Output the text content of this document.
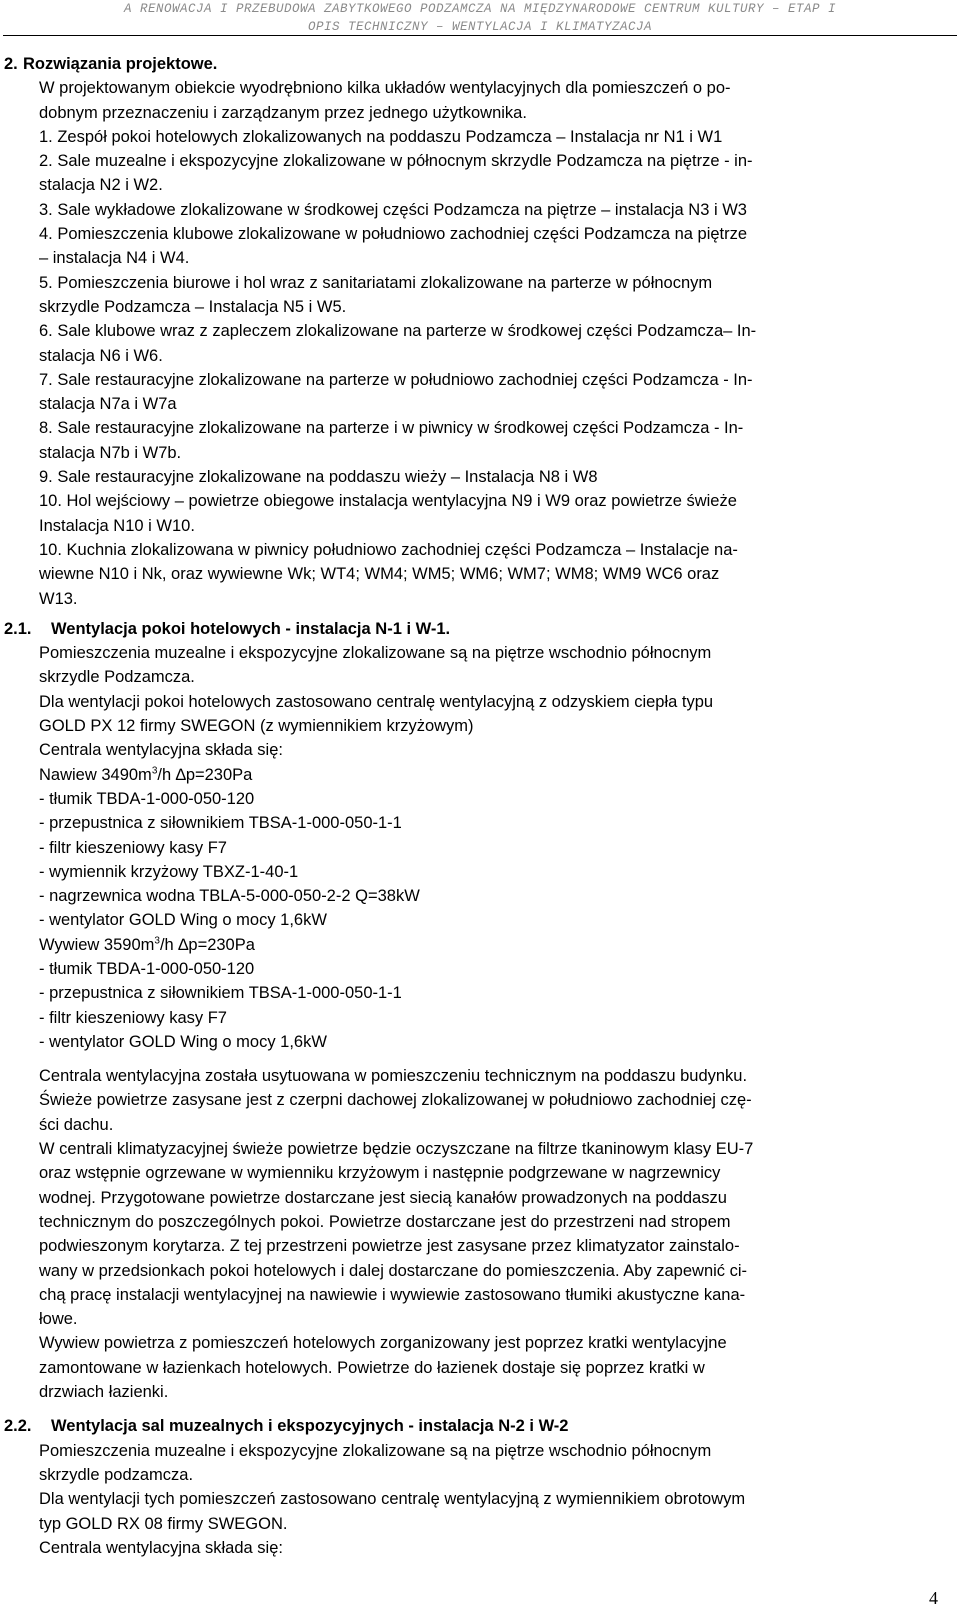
A RENOWACJA I PRZEBUDOWA ZABYTKOWEGO PODZAMCZA NA MIĘDZYNARODOWE CENTRUM KULTURY – ETAP I
OPIS TECHNICZNY – WENTYLACJA I KLIMATYZACJA
2. Rozwiązania projektowe.
W projektowanym obiekcie wyodrębniono kilka układów wentylacyjnych dla pomieszczeń o po-
dobnym przeznaczeniu i zarządzanym przez jednego użytkownika.
1. Zespół pokoi hotelowych zlokalizowanych na poddaszu Podzamcza – Instalacja nr N1 i W1
2. Sale muzealne i ekspozycyjne zlokalizowane w północnym skrzydle Podzamcza na piętrze - in-
stalacja N2 i W2.
3. Sale wykładowe zlokalizowane w środkowej części Podzamcza na piętrze – instalacja N3 i W3
4. Pomieszczenia klubowe zlokalizowane w południowo zachodniej części Podzamcza na piętrze
– instalacja N4 i W4.
5. Pomieszczenia biurowe i hol wraz z sanitariatami zlokalizowane na parterze w północnym
skrzydle Podzamcza – Instalacja N5 i W5.
6. Sale klubowe wraz z zapleczem zlokalizowane na parterze w środkowej części Podzamcza– In-
stalacja N6 i W6.
7. Sale restauracyjne zlokalizowane na parterze w południowo zachodniej części Podzamcza - In-
stalacja N7a i W7a
8. Sale restauracyjne zlokalizowane na parterze i w piwnicy w środkowej części Podzamcza - In-
stalacja N7b i W7b.
9. Sale restauracyjne zlokalizowane na poddaszu wieży – Instalacja N8 i W8
10. Hol wejściowy – powietrze obiegowe instalacja wentylacyjna N9 i W9 oraz powietrze świeże
Instalacja N10 i W10.
10. Kuchnia zlokalizowana w piwnicy południowo zachodniej części Podzamcza – Instalacje na-
wiewne N10 i Nk, oraz wywiewne Wk; WT4; WM4; WM5; WM6; WM7; WM8; WM9 WC6 oraz
W13.
2.1. Wentylacja pokoi hotelowych - instalacja N-1 i W-1.
Pomieszczenia muzealne i ekspozycyjne zlokalizowane są na piętrze wschodnio północnym
skrzydle Podzamcza.
Dla wentylacji pokoi hotelowych zastosowano centralę wentylacyjną z odzyskiem ciepła typu
GOLD PX 12 firmy SWEGON (z wymiennikiem krzyżowym)
Centrala wentylacyjna składa się:
Nawiew $3490m^3/h$ ∆p=230Pa
- tłumik TBDA-1-000-050-120
- przepustnica z siłownikiem TBSA-1-000-050-1-1
- filtr kieszeniowy kasy F7
- wymiennik krzyżowy TBXZ-1-40-1
- nagrzewnica wodna TBLA-5-000-050-2-2 Q=38kW
- wentylator GOLD Wing o mocy 1,6kW
Wywiew $3590m^3/h$ ∆p=230Pa
- tłumik TBDA-1-000-050-120
- przepustnica z siłownikiem TBSA-1-000-050-1-1
- filtr kieszeniowy kasy F7
- wentylator GOLD Wing o mocy 1,6kW
Centrala wentylacyjna została usytuowana w pomieszczeniu technicznym na poddaszu budynku.
Świeże powietrze zasysane jest z czerpni dachowej zlokalizowanej w południowo zachodniej czę-
ści dachu.
W centrali klimatyzacyjnej świeże powietrze będzie oczyszczane na filtrze tkaninowym klasy EU-7
oraz wstępnie ogrzewane w wymienniku krzyżowym i następnie podgrzewane w nagrzewnicy
wodnej. Przygotowane powietrze dostarczane jest siecią kanałów prowadzonych na poddaszu
technicznym do poszczególnych pokoi. Powietrze dostarczane jest do przestrzeni nad stropem
podwieszonym korytarza. Z tej przestrzeni powietrze jest zasysane przez klimatyzator zainstalo-
wany w przedsionkach pokoi hotelowych i dalej dostarczane do pomieszczenia. Aby zapewnić ci-
chą pracę instalacji wentylacyjnej na nawiewie i wywiewie zastosowano tłumiki akustyczne kana-
łowe.
Wywiew powietrza z pomieszczeń hotelowych zorganizowany jest poprzez kratki wentylacyjne
zamontowane w łazienkach hotelowych. Powietrze do łazienek dostaje się poprzez kratki w
drzwiach łazienki.
2.2. Wentylacja sal muzealnych i ekspozycyjnych - instalacja N-2 i W-2
Pomieszczenia muzealne i ekspozycyjne zlokalizowane są na piętrze wschodnio północnym
skrzydle podzamcza.
Dla wentylacji tych pomieszczeń zastosowano centralę wentylacyjną z wymiennikiem obrotowym
typ GOLD RX 08 firmy SWEGON.
Centrala wentylacyjna składa się:
4
